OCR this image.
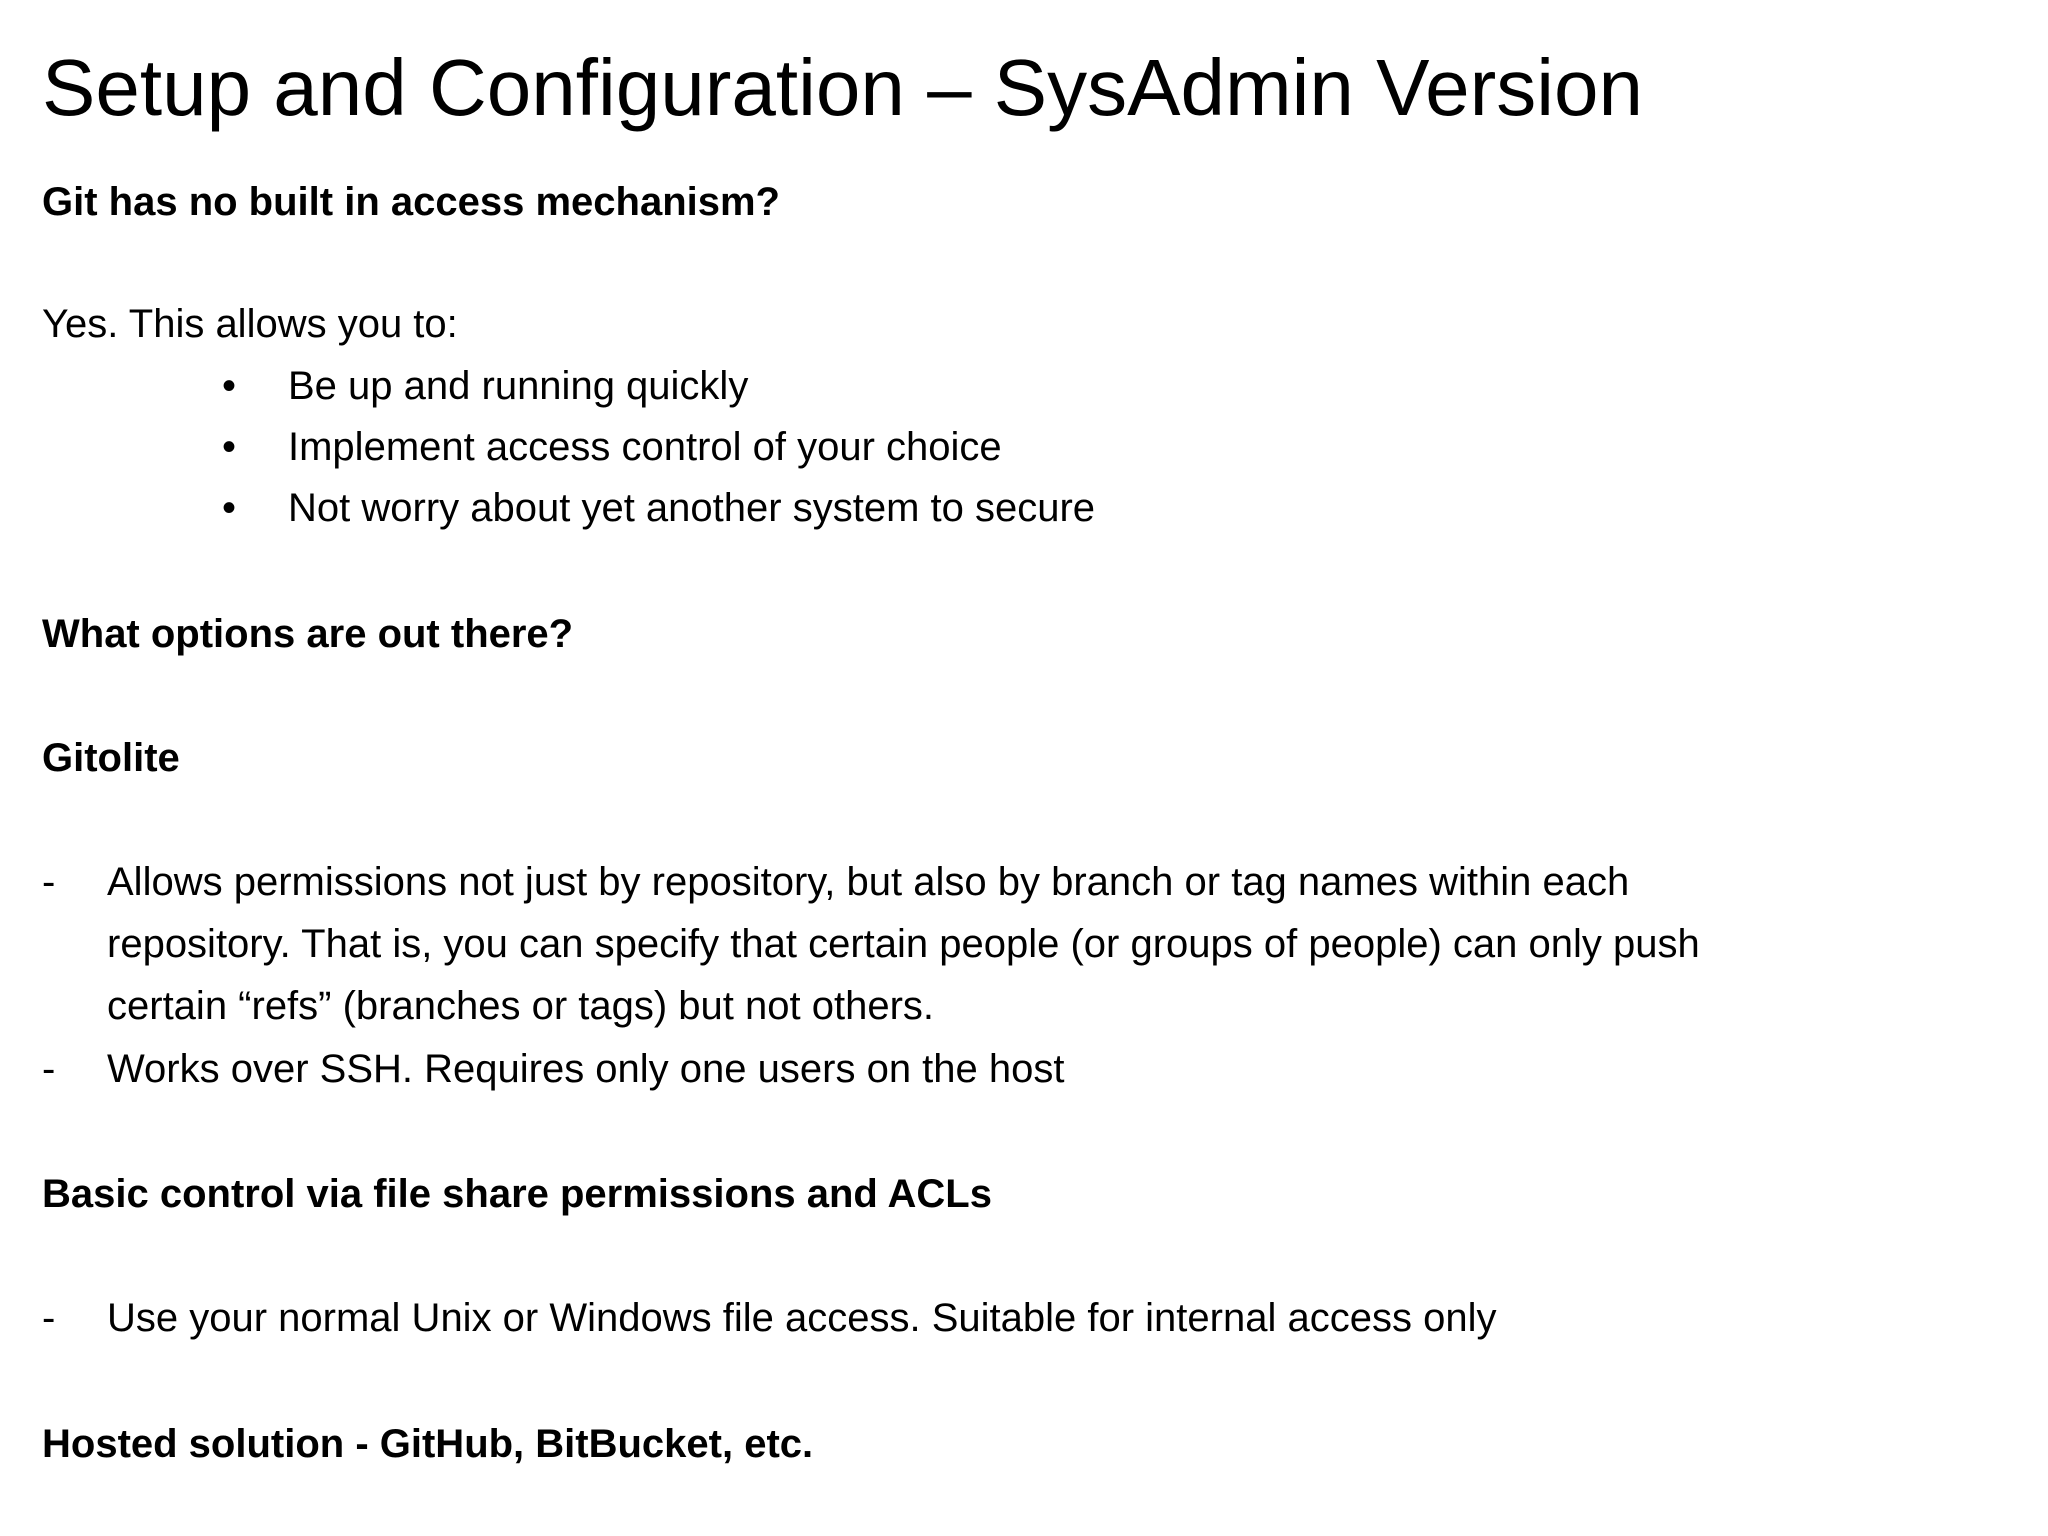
Setup and Configuration – SysAdmin Version

Git has no built in access mechanism?

Yes. This allows you to:

• Be up and running quickly

• Implement access control of your choice

• Not worry about yet another system to secure

What options are out there?

Gitolite

- Allows permissions not just by repository, but also by branch or tag names within each

repository. That is, you can specify that certain people (or groups of people) can only push

certain “refs” (branches or tags) but not others.

- Works over SSH. Requires only one users on the host

Basic control via file share permissions and ACLs

- Use your normal Unix or Windows file access. Suitable for internal access only

Hosted solution - GitHub, BitBucket, etc.
